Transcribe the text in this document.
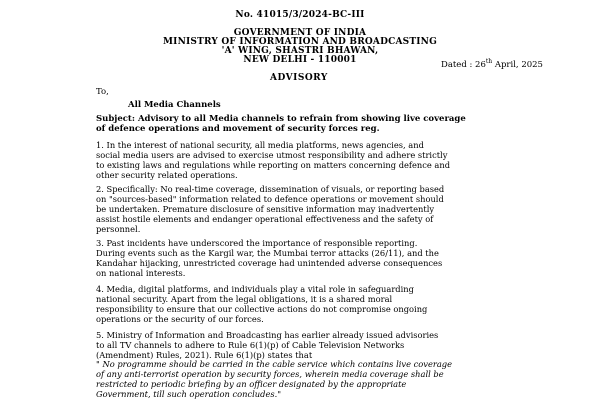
No. 41015/3/2024-BC-III
GOVERNMENT OF INDIA
MINISTRY OF INFORMATION AND BROADCASTING
'A' WING, SHASTRI BHAWAN,
NEW DELHI - 110001	Dated : 26th April, 2025
ADVISORY
To,
All Media Channels
Subject: Advisory to all Media channels to refrain from showing live coverage
of defence operations and movement of security forces reg.
1. In the interest of national security, all media platforms, news agencies, and
social media users are advised to exercise utmost responsibility and adhere strictly
to existing laws and regulations while reporting on matters concerning defence and
other security related operations.
2. Specifically: No real-time coverage, dissemination of visuals, or reporting based
on "sources-based" information related to defence operations or movement should
be undertaken. Premature disclosure of sensitive information may inadvertently
assist hostile elements and endanger operational effectiveness and the safety of
personnel.
3. Past incidents have underscored the importance of responsible reporting.
During events such as the Kargil war, the Mumbai terror attacks (26/11), and the
Kandahar hijacking, unrestricted coverage had unintended adverse consequences
on national interests.
4. Media, digital platforms, and individuals play a vital role in safeguarding
national security. Apart from the legal obligations, it is a shared moral
responsibility to ensure that our collective actions do not compromise ongoing
operations or the security of our forces.
5. Ministry of Information and Broadcasting has earlier already issued advisories
to all TV channels to adhere to Rule 6(1)(p) of Cable Television Networks
(Amendment) Rules, 2021). Rule 6(1)(p) states that
" No programme should be carried in the cable service which contains live coverage
of any anti-terrorist operation by security forces, wherein media coverage shall be
restricted to periodic briefing by an officer designated by the appropriate
Government, till such operation concludes."
